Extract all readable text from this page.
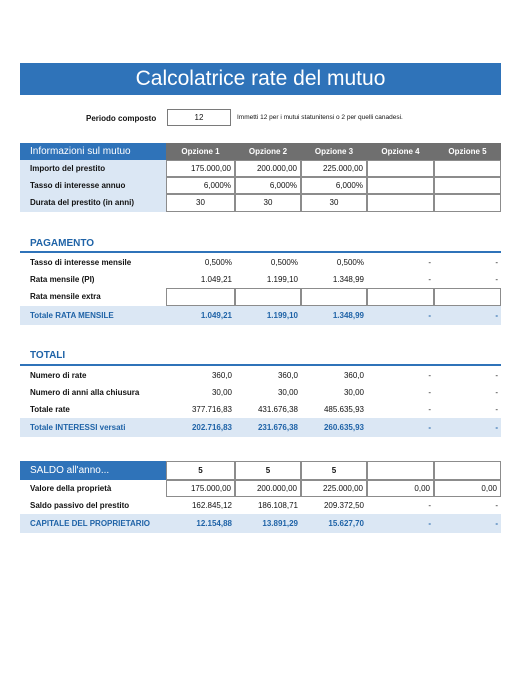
Calcolatrice rate del mutuo
Periodo composto	12	Immetti 12 per i mutui statunitensi o 2 per quelli canadesi.
Informazioni sul mutuo	Opzione 1	Opzione 2	Opzione 3	Opzione 4	Opzione 5
Importo del prestito	175.000,00	200.000,00	225.000,00
Tasso di interesse annuo	6,000%	6,000%	6,000%
Durata del prestito (in anni)	30	30	30
PAGAMENTO
Tasso di interesse mensile	0,500%	0,500%	0,500%	-	-
Rata mensile (PI)	1.049,21	1.199,10	1.348,99	-	-
Rata mensile extra
Totale RATA MENSILE	1.049,21	1.199,10	1.348,99	-	-
TOTALI
Numero di rate	360,0	360,0	360,0	-	-
Numero di anni alla chiusura	30,00	30,00	30,00	-	-
Totale rate	377.716,83	431.676,38	485.635,93	-	-
Totale INTERESSI versati	202.716,83	231.676,38	260.635,93	-	-
SALDO all'anno...	5	5	5
Valore della proprietà	175.000,00	200.000,00	225.000,00	0,00	0,00
Saldo passivo del prestito	162.845,12	186.108,71	209.372,50	-	-
CAPITALE DEL PROPRIETARIO	12.154,88	13.891,29	15.627,70	-	-
